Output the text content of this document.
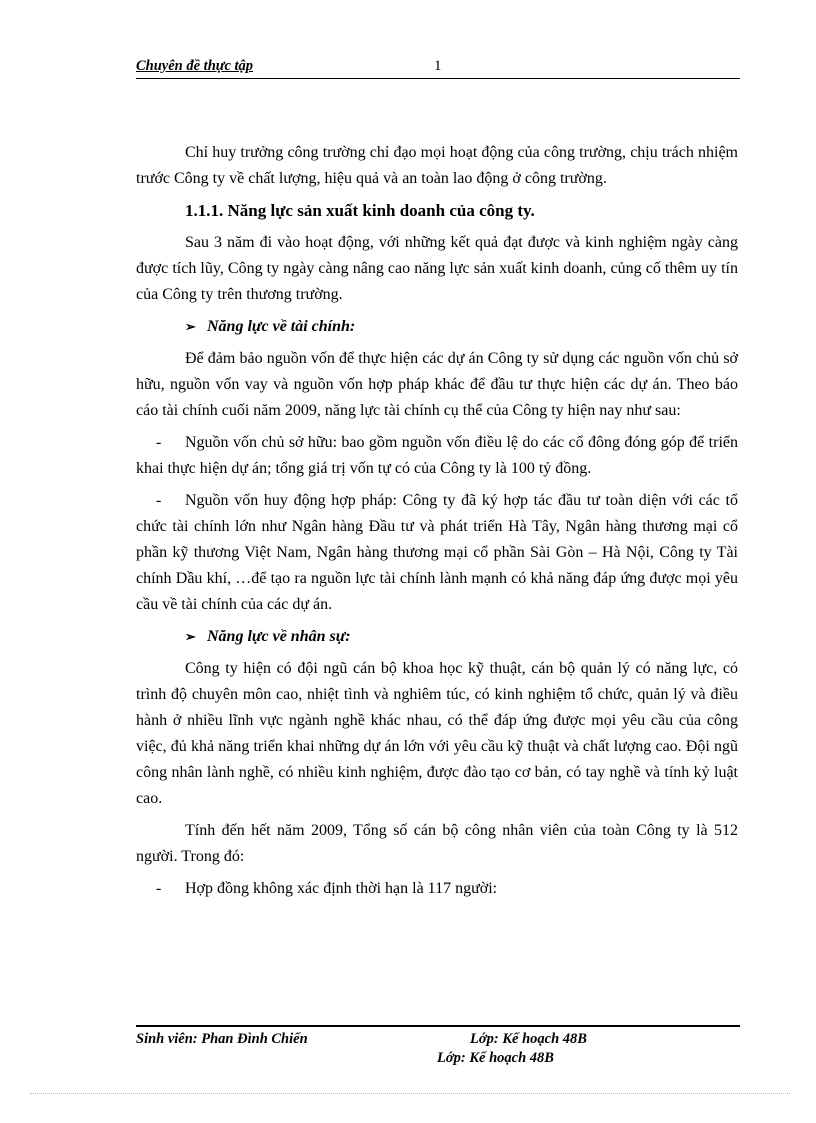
Chuyên đề thực tập	1

Chỉ huy trưởng công trường chỉ đạo mọi hoạt động của công trường, chịu trách nhiệm trước Công ty về chất lượng, hiệu quả và an toàn lao động ở công trường.

1.1.1. Năng lực sản xuất kinh doanh của công ty.

Sau 3 năm đi vào hoạt động, với những kết quả đạt được và kinh nghiệm ngày càng được tích lũy, Công ty ngày càng nâng cao năng lực sản xuất kinh doanh, củng cố thêm uy tín của Công ty trên thương trường.

➢ Năng lực về tài chính:

Để đảm bảo nguồn vốn để thực hiện các dự án Công ty sử dụng các nguồn vốn chủ sở hữu, nguồn vốn vay và nguồn vốn hợp pháp khác để đầu tư thực hiện các dự án. Theo báo cáo tài chính cuối năm 2009, năng lực tài chính cụ thể của Công ty hiện nay như sau:

- Nguồn vốn chủ sở hữu: bao gồm nguồn vốn điều lệ do các cổ đông đóng góp để triển khai thực hiện dự án; tổng giá trị vốn tự có của Công ty là 100 tỷ đồng.

- Nguồn vốn huy động hợp pháp: Công ty đã ký hợp tác đầu tư toàn diện với các tổ chức tài chính lớn như Ngân hàng Đầu tư và phát triển Hà Tây, Ngân hàng thương mại cổ phần kỹ thương Việt Nam, Ngân hàng thương mại cổ phần Sài Gòn – Hà Nội, Công ty Tài chính Dầu khí, …để tạo ra nguồn lực tài chính lành mạnh có khả năng đáp ứng được mọi yêu cầu về tài chính của các dự án.

➢ Năng lực về nhân sự:

Công ty hiện có đội ngũ cán bộ khoa học kỹ thuật, cán bộ quản lý có năng lực, có trình độ chuyên môn cao, nhiệt tình và nghiêm túc, có kinh nghiệm tổ chức, quản lý và điều hành ở nhiều lĩnh vực ngành nghề khác nhau, có thể đáp ứng được mọi yêu cầu của công việc, đủ khả năng triển khai những dự án lớn với yêu cầu kỹ thuật và chất lượng cao. Đội ngũ công nhân lành nghề, có nhiều kinh nghiệm, được đào tạo cơ bản, có tay nghề và tính kỷ luật cao.

Tính đến hết năm 2009, Tổng số cán bộ công nhân viên của toàn Công ty là 512 người. Trong đó:

- Hợp đồng không xác định thời hạn là 117 người:

Sinh viên: Phan Đình Chiến	Lớp: Kế hoạch 48B
Lớp: Kế hoạch 48B
